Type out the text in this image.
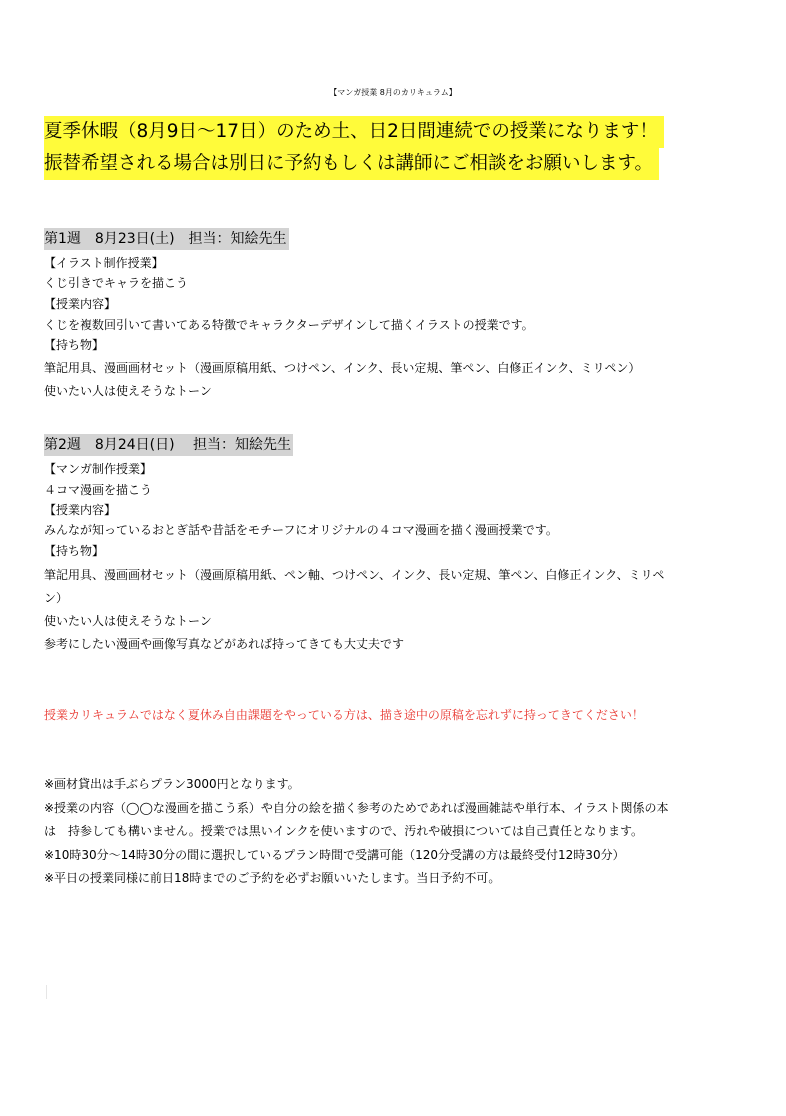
【マンガ授業 8月のカリキュラム】
夏季休暇（8月9日〜17日）のため土、日2日間連続での授業になります！
振替希望される場合は別日に予約もしくは講師にご相談をお願いします。
第1週　8月23日(土)　担当：知絵先生
【イラスト制作授業】
くじ引きでキャラを描こう
【授業内容】
くじを複数回引いて書いてある特徴でキャラクターデザインして描くイラストの授業です。
【持ち物】
筆記用具、漫画画材セット（漫画原稿用紙、つけペン、インク、長い定規、筆ペン、白修正インク、ミリペン）
使いたい人は使えそうなトーン
第2週　8月24日(日)　 担当：知絵先生
【マンガ制作授業】
４コマ漫画を描こう
【授業内容】
みんなが知っているおとぎ話や昔話をモチーフにオリジナルの４コマ漫画を描く漫画授業です。
【持ち物】
筆記用具、漫画画材セット（漫画原稿用紙、ペン軸、つけペン、インク、長い定規、筆ペン、白修正インク、ミリペ
ン）
使いたい人は使えそうなトーン
参考にしたい漫画や画像写真などがあれば持ってきても大丈夫です
授業カリキュラムではなく夏休み自由課題をやっている方は、描き途中の原稿を忘れずに持ってきてください！
※画材貸出は手ぶらプラン3000円となります。
※授業の内容（◯◯な漫画を描こう系）や自分の絵を描く参考のためであれば漫画雑誌や単行本、イラスト関係の本
は　持参しても構いません。授業では黒いインクを使いますので、汚れや破損については自己責任となります。
※10時30分〜14時30分の間に選択しているプラン時間で受講可能（120分受講の方は最終受付12時30分）
※平日の授業同様に前日18時までのご予約を必ずお願いいたします。当日予約不可。
